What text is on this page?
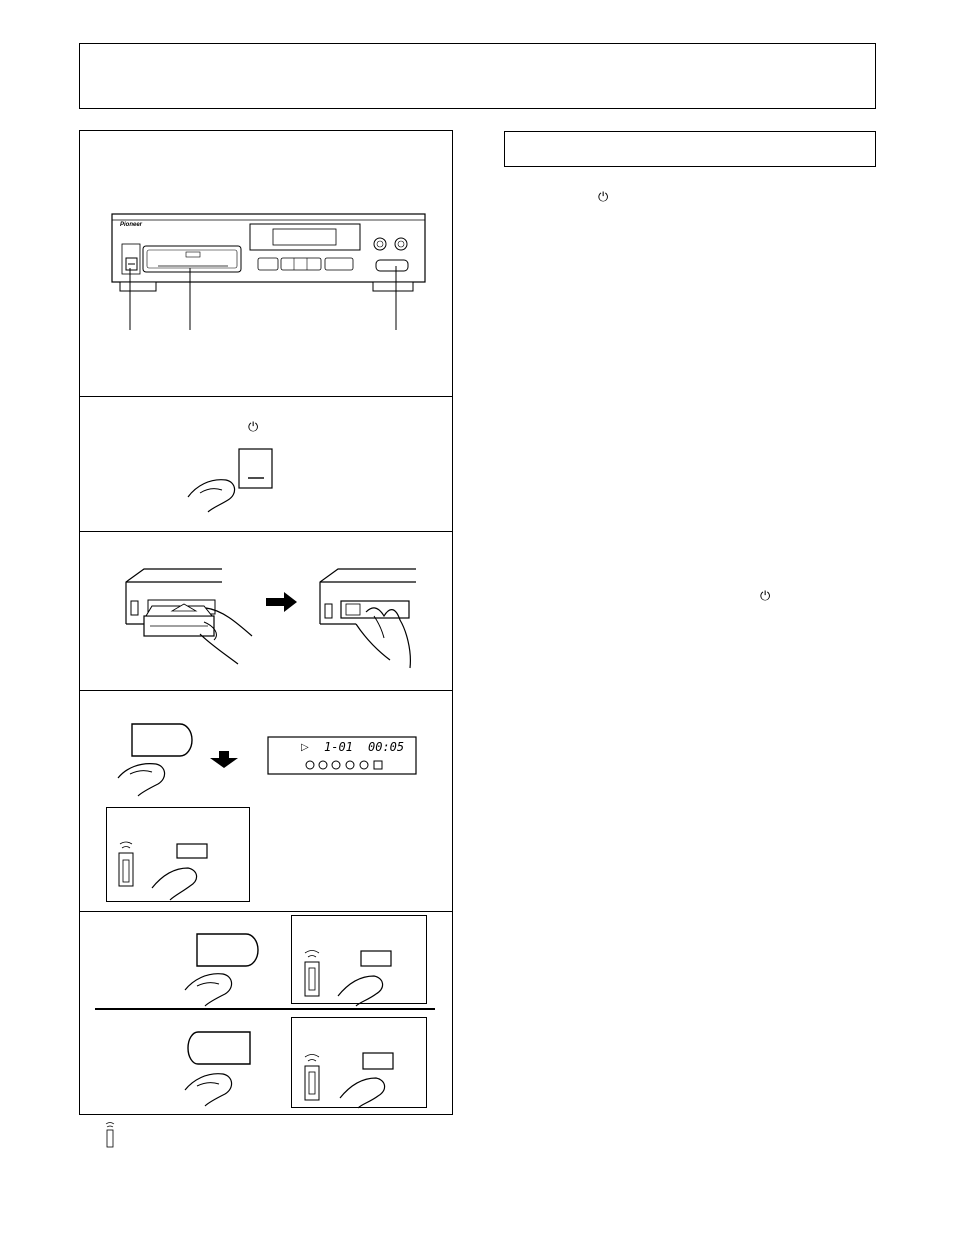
⏻
⏻
Pioneer
⏻
▷ 1-01 00:05
